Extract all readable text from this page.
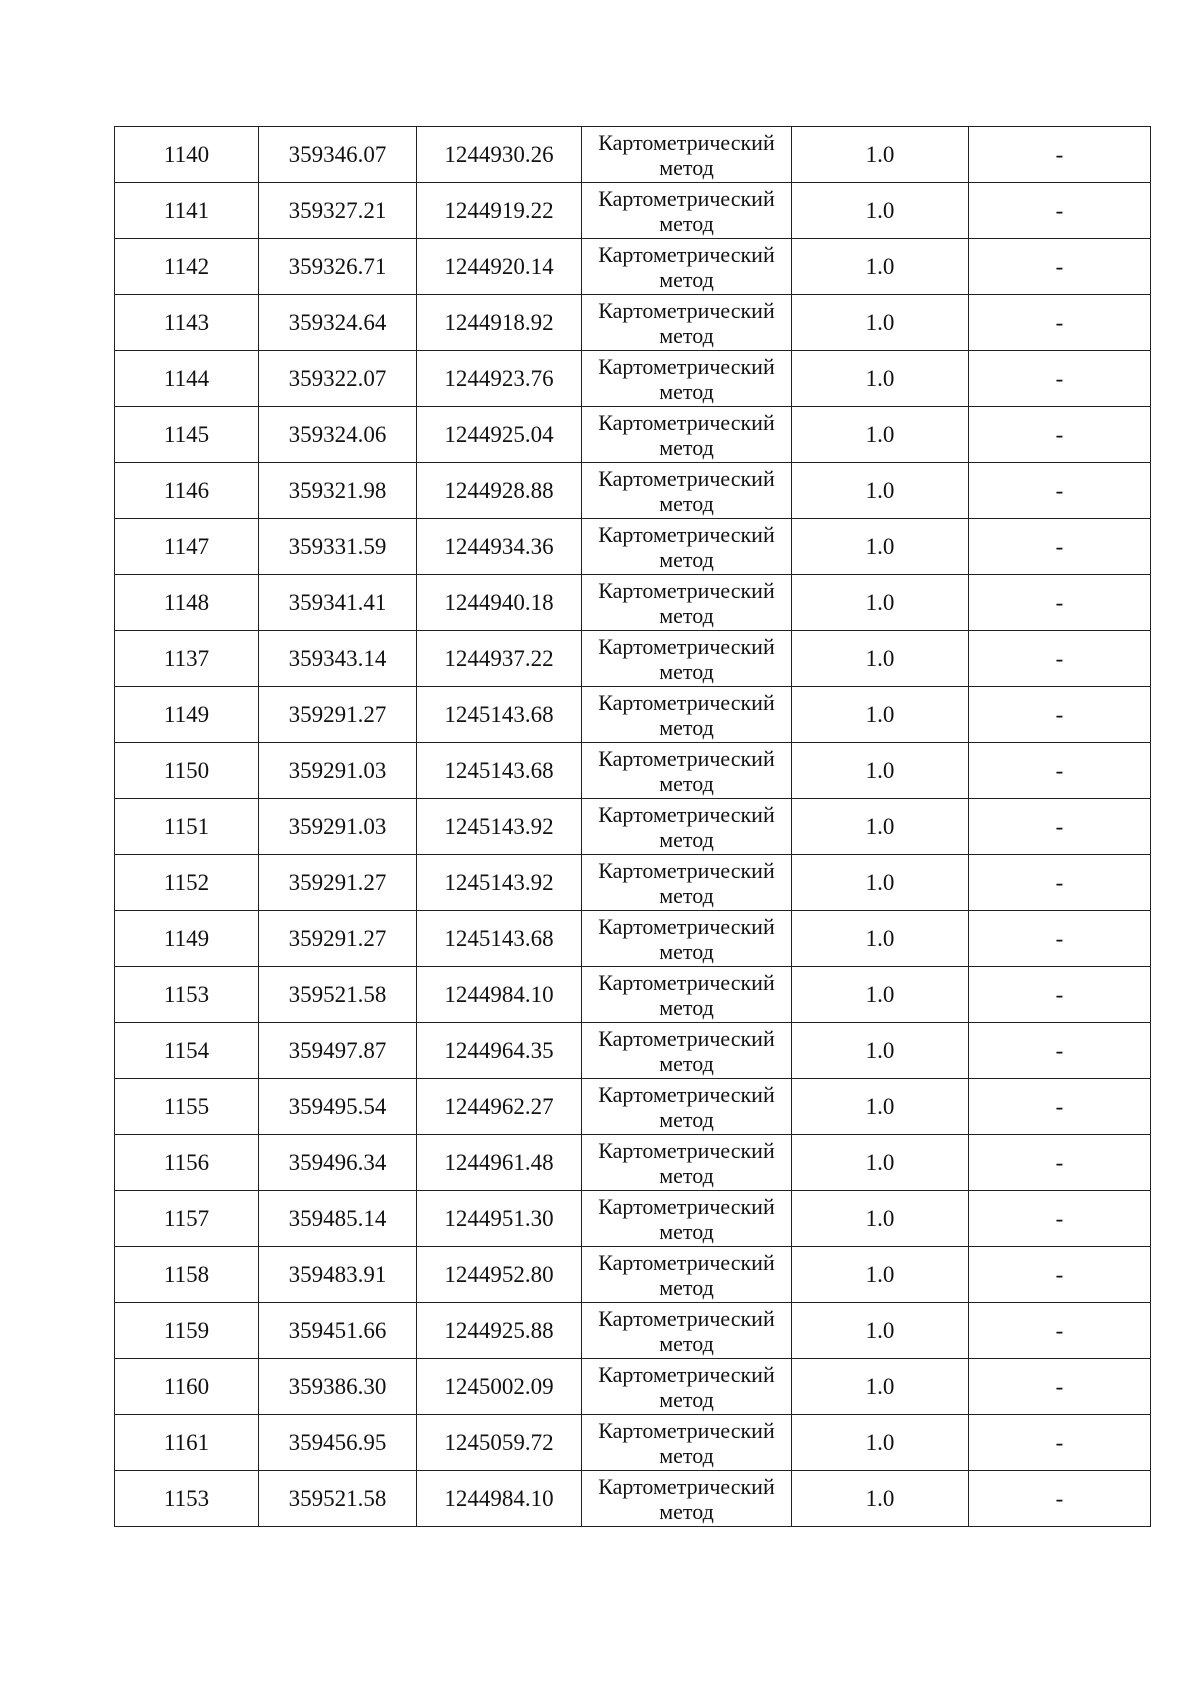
1140	359346.07	1244930.26	Картометрический метод	1.0	-
1141	359327.21	1244919.22	Картометрический метод	1.0	-
1142	359326.71	1244920.14	Картометрический метод	1.0	-
1143	359324.64	1244918.92	Картометрический метод	1.0	-
1144	359322.07	1244923.76	Картометрический метод	1.0	-
1145	359324.06	1244925.04	Картометрический метод	1.0	-
1146	359321.98	1244928.88	Картометрический метод	1.0	-
1147	359331.59	1244934.36	Картометрический метод	1.0	-
1148	359341.41	1244940.18	Картометрический метод	1.0	-
1137	359343.14	1244937.22	Картометрический метод	1.0	-
1149	359291.27	1245143.68	Картометрический метод	1.0	-
1150	359291.03	1245143.68	Картометрический метод	1.0	-
1151	359291.03	1245143.92	Картометрический метод	1.0	-
1152	359291.27	1245143.92	Картометрический метод	1.0	-
1149	359291.27	1245143.68	Картометрический метод	1.0	-
1153	359521.58	1244984.10	Картометрический метод	1.0	-
1154	359497.87	1244964.35	Картометрический метод	1.0	-
1155	359495.54	1244962.27	Картометрический метод	1.0	-
1156	359496.34	1244961.48	Картометрический метод	1.0	-
1157	359485.14	1244951.30	Картометрический метод	1.0	-
1158	359483.91	1244952.80	Картометрический метод	1.0	-
1159	359451.66	1244925.88	Картометрический метод	1.0	-
1160	359386.30	1245002.09	Картометрический метод	1.0	-
1161	359456.95	1245059.72	Картометрический метод	1.0	-
1153	359521.58	1244984.10	Картометрический метод	1.0	-
